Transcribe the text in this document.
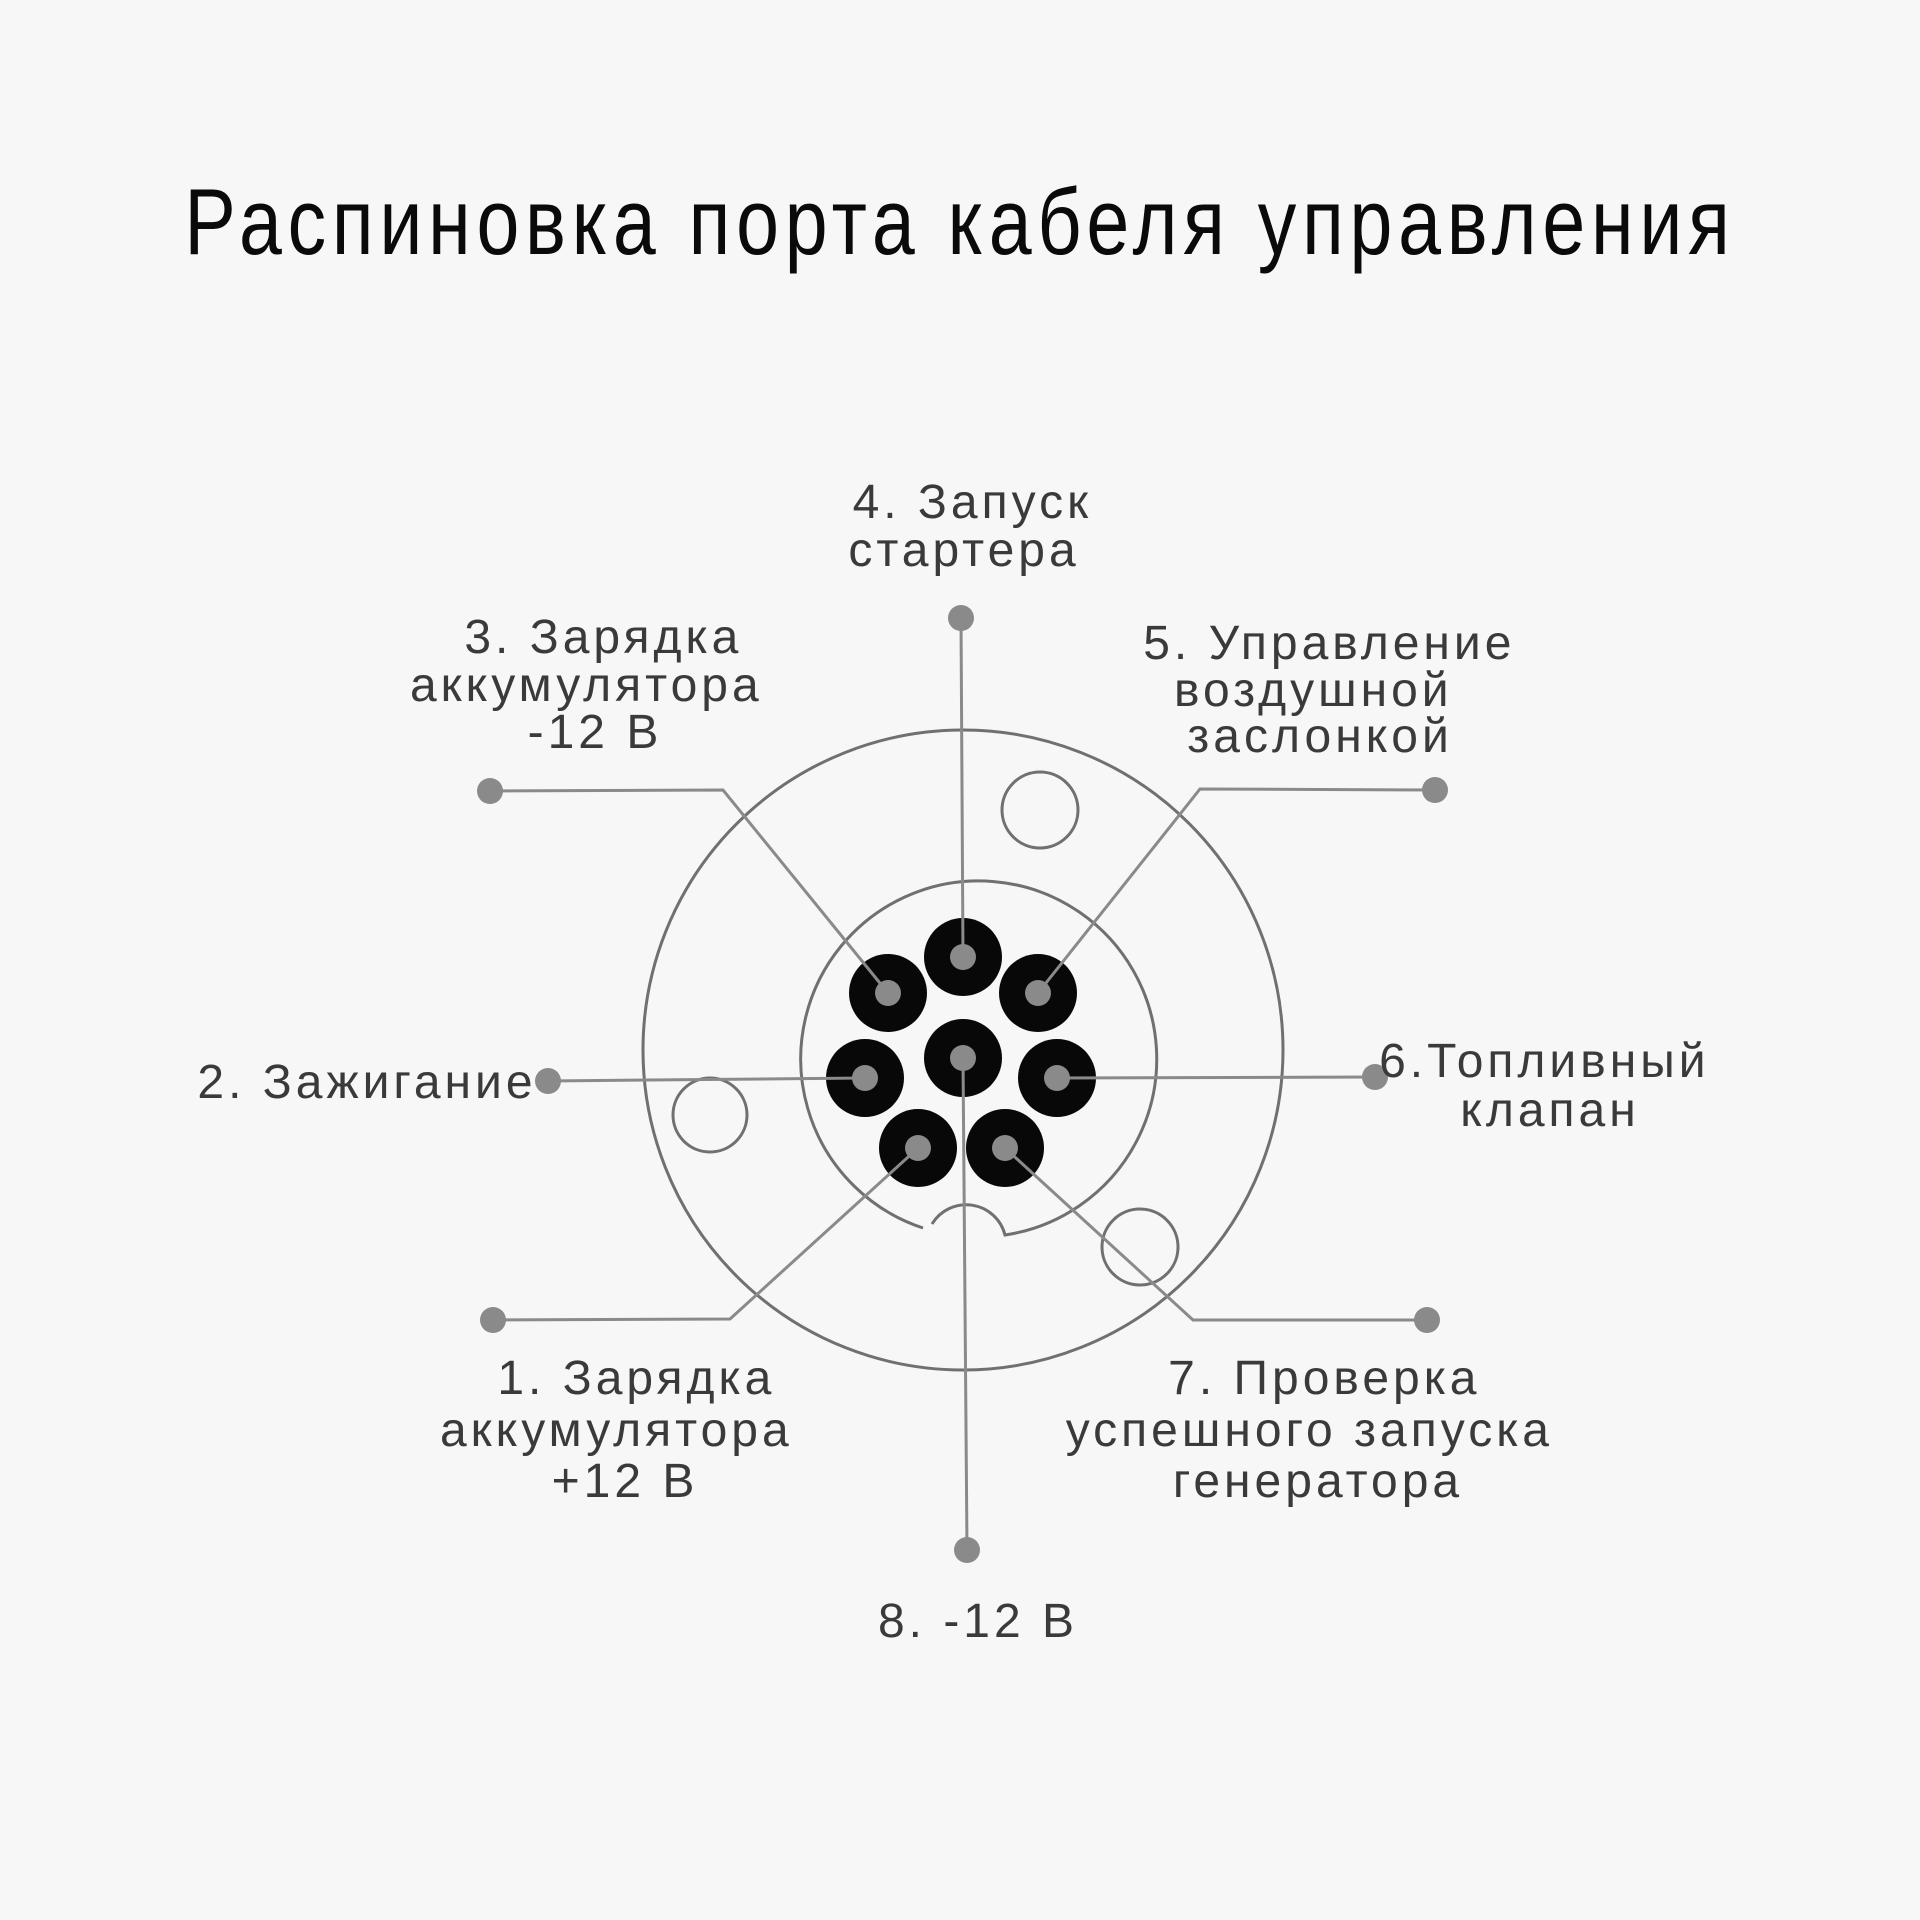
Распиновка порта кабеля управления
1. Зарядка аккумулятора +12 В
2. Зажигание
3. Зарядка аккумулятора -12 В
4. Запуск стартера
5. Управление воздушной заслонкой
6.Топливный клапан
7. Проверка успешного запуска генератора
8. -12 В
